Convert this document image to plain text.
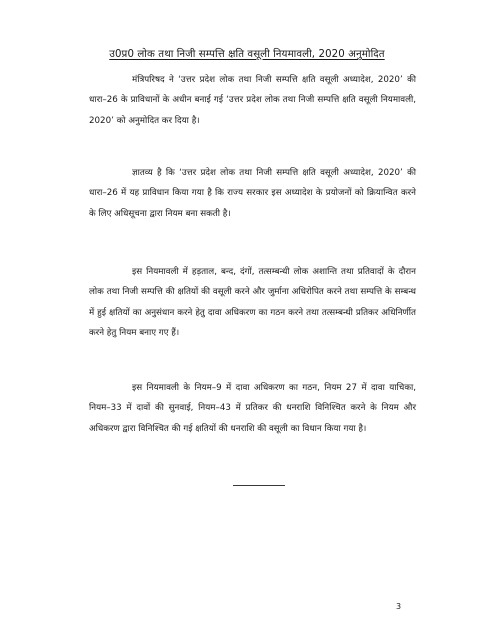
उ0प्र0 लोक तथा निजी सम्पत्ति क्षति वसूली नियमावली, 2020 अनुमोदित

मंत्रिपरिषद ने ‘उत्तर प्रदेश लोक तथा निजी सम्पत्ति क्षति वसूली अध्यादेश, 2020’ की धारा–26 के प्राविधानों के अधीन बनाई गई ‘उत्तर प्रदेश लोक तथा निजी सम्पत्ति क्षति वसूली नियमावली, 2020’ को अनुमोदित कर दिया है।

ज्ञातव्य है कि ‘उत्तर प्रदेश लोक तथा निजी सम्पत्ति क्षति वसूली अध्यादेश, 2020’ की धारा–26 में यह प्राविधान किया गया है कि राज्य सरकार इस अध्यादेश के प्रयोजनों को क्रियान्वित करने के लिए अधिसूचना द्वारा नियम बना सकती है।

इस नियमावली में हड़ताल, बन्द, दंगों, तत्सम्बन्धी लोक अशान्ति तथा प्रतिवादों के दौरान लोक तथा निजी सम्पत्ति की क्षतियों की वसूली करने और जुर्माना अधिरोपित करने तथा सम्पत्ति के सम्बन्ध में हुई क्षतियों का अनुसंधान करने हेतु दावा अधिकरण का गठन करने तथा तत्सम्बन्धी प्रतिकर अधिनिर्णीत करने हेतु नियम बनाए गए हैं।

इस नियमावली के नियम–9 में दावा अधिकरण का गठन, नियम 27 में दावा याचिका, नियम–33 में दावों की सुनवाई, नियम–43 में प्रतिकर की धनराशि विनिश्चित करने के नियम और अधिकरण द्वारा विनिश्चित की गई क्षतियों की धनराशि की वसूली का विधान किया गया है।

3
